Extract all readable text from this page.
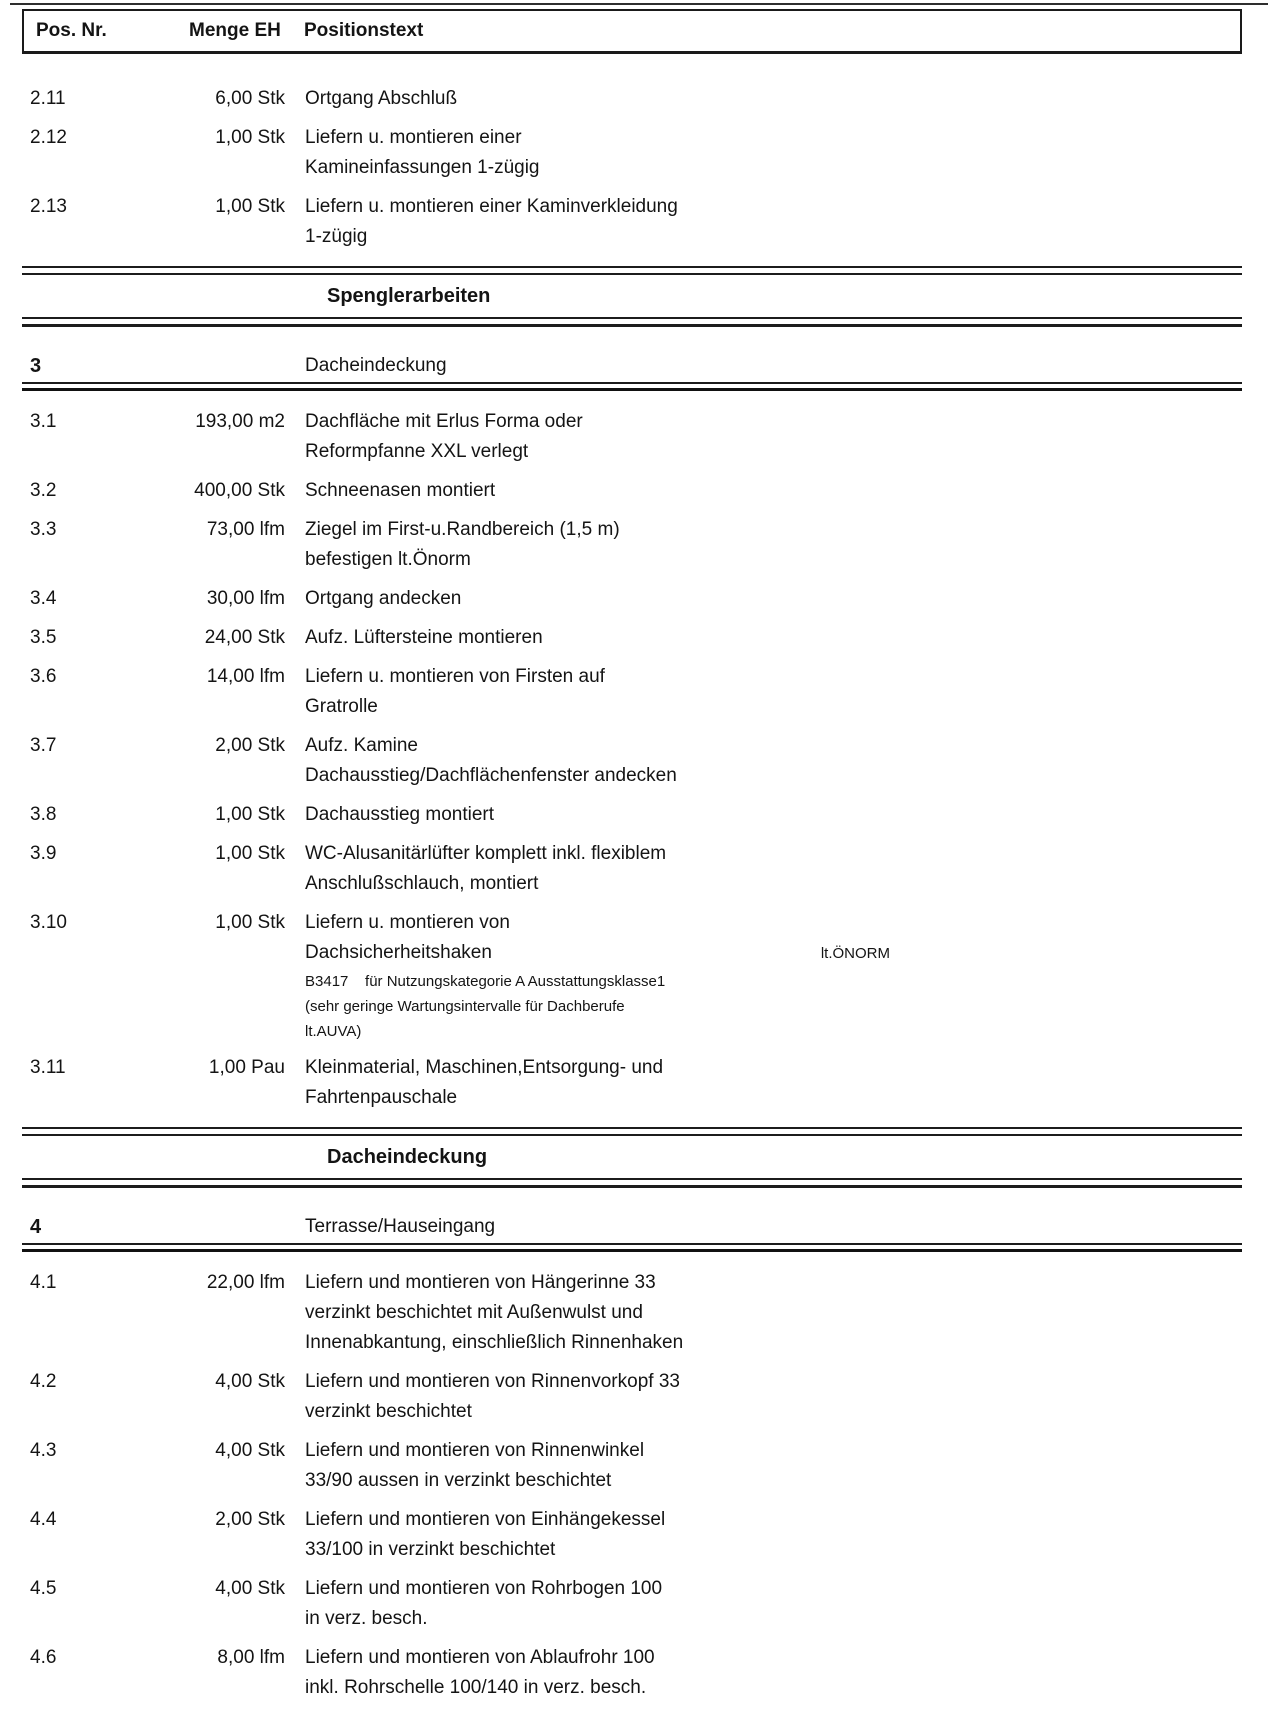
Pos. Nr.	Menge EH	Positionstext
2.11	6,00 Stk Ortgang Abschluß
2.12	1,00 Stk Liefern u. montieren einer
Kamineinfassungen 1-zügig
2.13	1,00 Stk Liefern u. montieren einer Kaminverkleidung
1-zügig
Spenglerarbeiten
3	Dacheindeckung
3.1	193,00 m2 Dachfläche mit Erlus Forma oder
Reformpfanne XXL verlegt
3.2	400,00 Stk Schneenasen montiert
3.3	73,00 lfm Ziegel im First-u.Randbereich (1,5 m)
befestigen lt.Önorm
3.4	30,00 lfm Ortgang andecken
3.5	24,00 Stk Aufz. Lüftersteine montieren
3.6	14,00 lfm Liefern u. montieren von Firsten auf
Gratrolle
3.7	2,00 Stk Aufz. Kamine
Dachausstieg/Dachflächenfenster andecken
3.8	1,00 Stk Dachausstieg montiert
3.9	1,00 Stk WC-Alusanitärlüfter komplett inkl. flexiblem
Anschlußschlauch, montiert
3.10	1,00 Stk Liefern u. montieren von
Dachsicherheitshaken	lt.ÖNORM
B3417    für Nutzungskategorie A Ausstattungsklasse1
(sehr geringe Wartungsintervalle für Dachberufe
lt.AUVA)
3.11	1,00 Pau Kleinmaterial, Maschinen,Entsorgung- und
Fahrtenpauschale
Dacheindeckung
4	Terrasse/Hauseingang
4.1	22,00 lfm Liefern und montieren von Hängerinne 33
verzinkt beschichtet mit Außenwulst und
Innenabkantung, einschließlich Rinnenhaken
4.2	4,00 Stk Liefern und montieren von Rinnenvorkopf 33
verzinkt beschichtet
4.3	4,00 Stk Liefern und montieren von Rinnenwinkel
33/90 aussen in verzinkt beschichtet
4.4	2,00 Stk Liefern und montieren von Einhängekessel
33/100 in verzinkt beschichtet
4.5	4,00 Stk Liefern und montieren von Rohrbogen 100
in verz. besch.
4.6	8,00 lfm Liefern und montieren von Ablaufrohr 100
inkl. Rohrschelle 100/140 in verz. besch.
